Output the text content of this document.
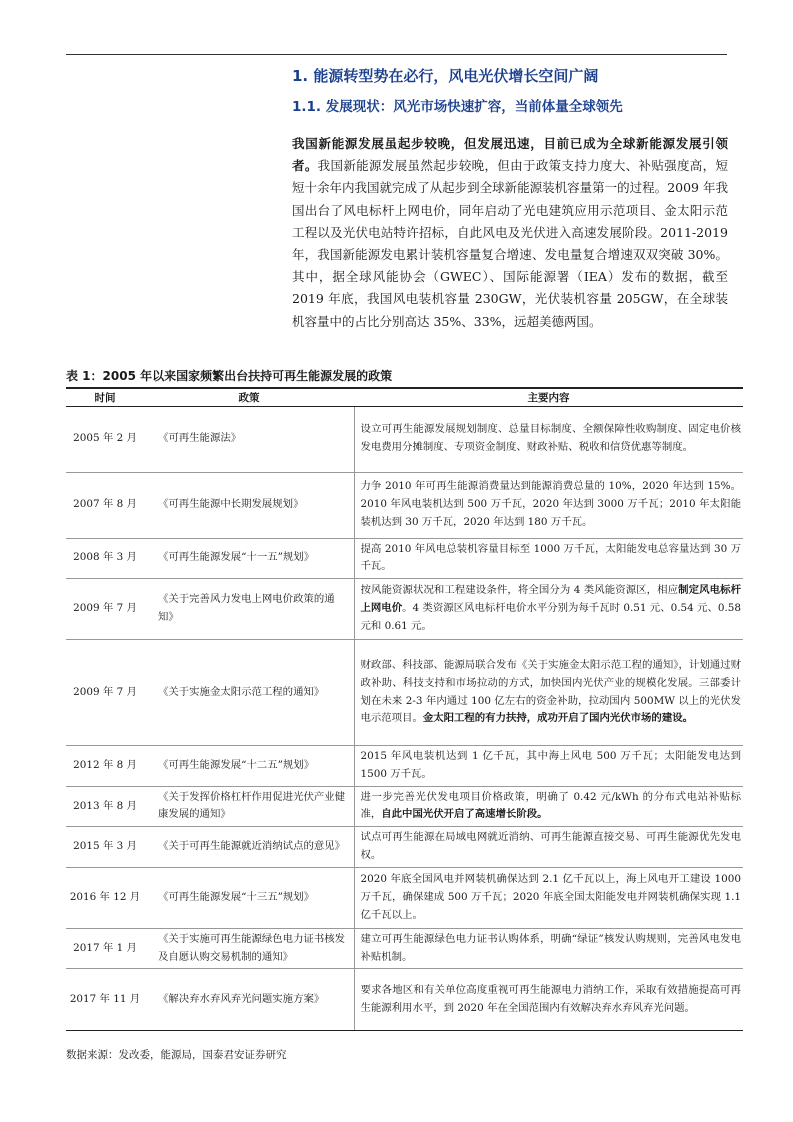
1. 能源转型势在必行，风电光伏增长空间广阔
1.1. 发展现状：风光市场快速扩容，当前体量全球领先

我国新能源发展虽起步较晚，但发展迅速，目前已成为全球新能源发展引领者。我国新能源发展虽然起步较晚，但由于政策支持力度大、补贴强度高，短短十余年内我国就完成了从起步到全球新能源装机容量第一的过程。2009 年我国出台了风电标杆上网电价，同年启动了光电建筑应用示范项目、金太阳示范工程以及光伏电站特许招标，自此风电及光伏进入高速发展阶段。2011-2019 年，我国新能源发电累计装机容量复合增速、发电量复合增速双双突破 30%。其中，据全球风能协会（GWEC）、国际能源署（IEA）发布的数据，截至 2019 年底，我国风电装机容量 230GW，光伏装机容量 205GW，在全球装机容量中的占比分别高达 35%、33%，远超美德两国。

表 1：2005 年以来国家频繁出台扶持可再生能源发展的政策
时间	政策	主要内容
2005 年 2 月	《可再生能源法》	设立可再生能源发展规划制度、总量目标制度、全额保障性收购制度、固定电价核发电费用分摊制度、专项资金制度、财政补贴、税收和信贷优惠等制度。
2007 年 8 月	《可再生能源中长期发展规划》	力争 2010 年可再生能源消费量达到能源消费总量的 10%，2020 年达到 15%。2010 年风电装机达到 500 万千瓦，2020 年达到 3000 万千瓦；2010 年太阳能装机达到 30 万千瓦，2020 年达到 180 万千瓦。
2008 年 3 月	《可再生能源发展“十一五”规划》	提高 2010 年风电总装机容量目标至 1000 万千瓦，太阳能发电总容量达到 30 万千瓦。
2009 年 7 月	《关于完善风力发电上网电价政策的通知》	按风能资源状况和工程建设条件，将全国分为 4 类风能资源区，相应制定风电标杆上网电价。4 类资源区风电标杆电价水平分别为每千瓦时 0.51 元、0.54 元、0.58 元和 0.61 元。
2009 年 7 月	《关于实施金太阳示范工程的通知》	财政部、科技部、能源局联合发布《关于实施金太阳示范工程的通知》，计划通过财政补助、科技支持和市场拉动的方式，加快国内光伏产业的规模化发展。三部委计划在未来 2-3 年内通过 100 亿左右的资金补助，拉动国内 500MW 以上的光伏发电示范项目。金太阳工程的有力扶持，成功开启了国内光伏市场的建设。
2012 年 8 月	《可再生能源发展“十二五”规划》	2015 年风电装机达到 1 亿千瓦，其中海上风电 500 万千瓦；太阳能发电达到 1500 万千瓦。
2013 年 8 月	《关于发挥价格杠杆作用促进光伏产业健康发展的通知》	进一步完善光伏发电项目价格政策，明确了 0.42 元/kWh 的分布式电站补贴标准，自此中国光伏开启了高速增长阶段。
2015 年 3 月	《关于可再生能源就近消纳试点的意见》	试点可再生能源在局域电网就近消纳、可再生能源直接交易、可再生能源优先发电权。
2016 年 12 月	《可再生能源发展“十三五”规划》	2020 年底全国风电并网装机确保达到 2.1 亿千瓦以上，海上风电开工建设 1000 万千瓦，确保建成 500 万千瓦；2020 年底全国太阳能发电并网装机确保实现 1.1 亿千瓦以上。
2017 年 1 月	《关于实施可再生能源绿色电力证书核发及自愿认购交易机制的通知》	建立可再生能源绿色电力证书认购体系，明确“绿证”核发认购规则，完善风电发电补贴机制。
2017 年 11 月	《解决弃水弃风弃光问题实施方案》	要求各地区和有关单位高度重视可再生能源电力消纳工作，采取有效措施提高可再生能源利用水平，到 2020 年在全国范围内有效解决弃水弃风弃光问题。
数据来源：发改委，能源局，国泰君安证券研究
